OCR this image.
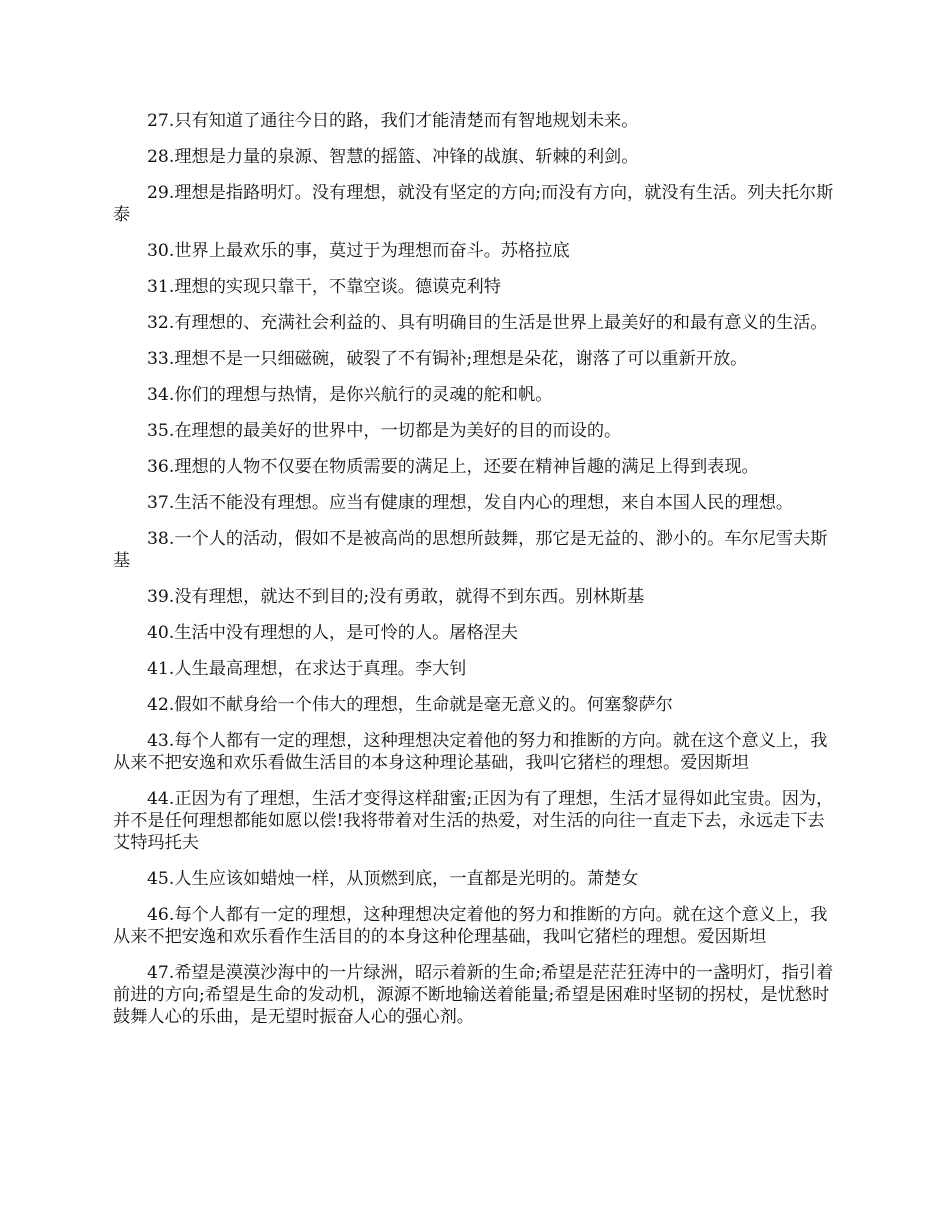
27.只有知道了通往今日的路，我们才能清楚而有智地规划未来。

28.理想是力量的泉源、智慧的摇篮、冲锋的战旗、斩棘的利剑。

29.理想是指路明灯。没有理想，就没有坚定的方向;而没有方向，就没有生活。列夫托尔斯泰

30.世界上最欢乐的事，莫过于为理想而奋斗。苏格拉底

31.理想的实现只靠干，不靠空谈。德谟克利特

32.有理想的、充满社会利益的、具有明确目的生活是世界上最美好的和最有意义的生活。

33.理想不是一只细磁碗，破裂了不有锔补;理想是朵花，谢落了可以重新开放。

34.你们的理想与热情，是你兴航行的灵魂的舵和帆。

35.在理想的最美好的世界中，一切都是为美好的目的而设的。

36.理想的人物不仅要在物质需要的满足上，还要在精神旨趣的满足上得到表现。

37.生活不能没有理想。应当有健康的理想，发自内心的理想，来自本国人民的理想。

38.一个人的活动，假如不是被高尚的思想所鼓舞，那它是无益的、渺小的。车尔尼雪夫斯基

39.没有理想，就达不到目的;没有勇敢，就得不到东西。别林斯基

40.生活中没有理想的人，是可怜的人。屠格涅夫

41.人生最高理想，在求达于真理。李大钊

42.假如不献身给一个伟大的理想，生命就是毫无意义的。何塞黎萨尔

43.每个人都有一定的理想，这种理想决定着他的努力和推断的方向。就在这个意义上，我从来不把安逸和欢乐看做生活目的本身这种理论基础，我叫它猪栏的理想。爱因斯坦

44.正因为有了理想，生活才变得这样甜蜜;正因为有了理想，生活才显得如此宝贵。因为，并不是任何理想都能如愿以偿!我将带着对生活的热爱，对生活的向往一直走下去，永远走下去艾特玛托夫

45.人生应该如蜡烛一样，从顶燃到底，一直都是光明的。萧楚女

46.每个人都有一定的理想，这种理想决定着他的努力和推断的方向。就在这个意义上，我从来不把安逸和欢乐看作生活目的的本身这种伦理基础，我叫它猪栏的理想。爱因斯坦

47.希望是漠漠沙海中的一片绿洲，昭示着新的生命;希望是茫茫狂涛中的一盏明灯，指引着前进的方向;希望是生命的发动机，源源不断地输送着能量;希望是困难时坚韧的拐杖，是忧愁时鼓舞人心的乐曲，是无望时振奋人心的强心剂。
